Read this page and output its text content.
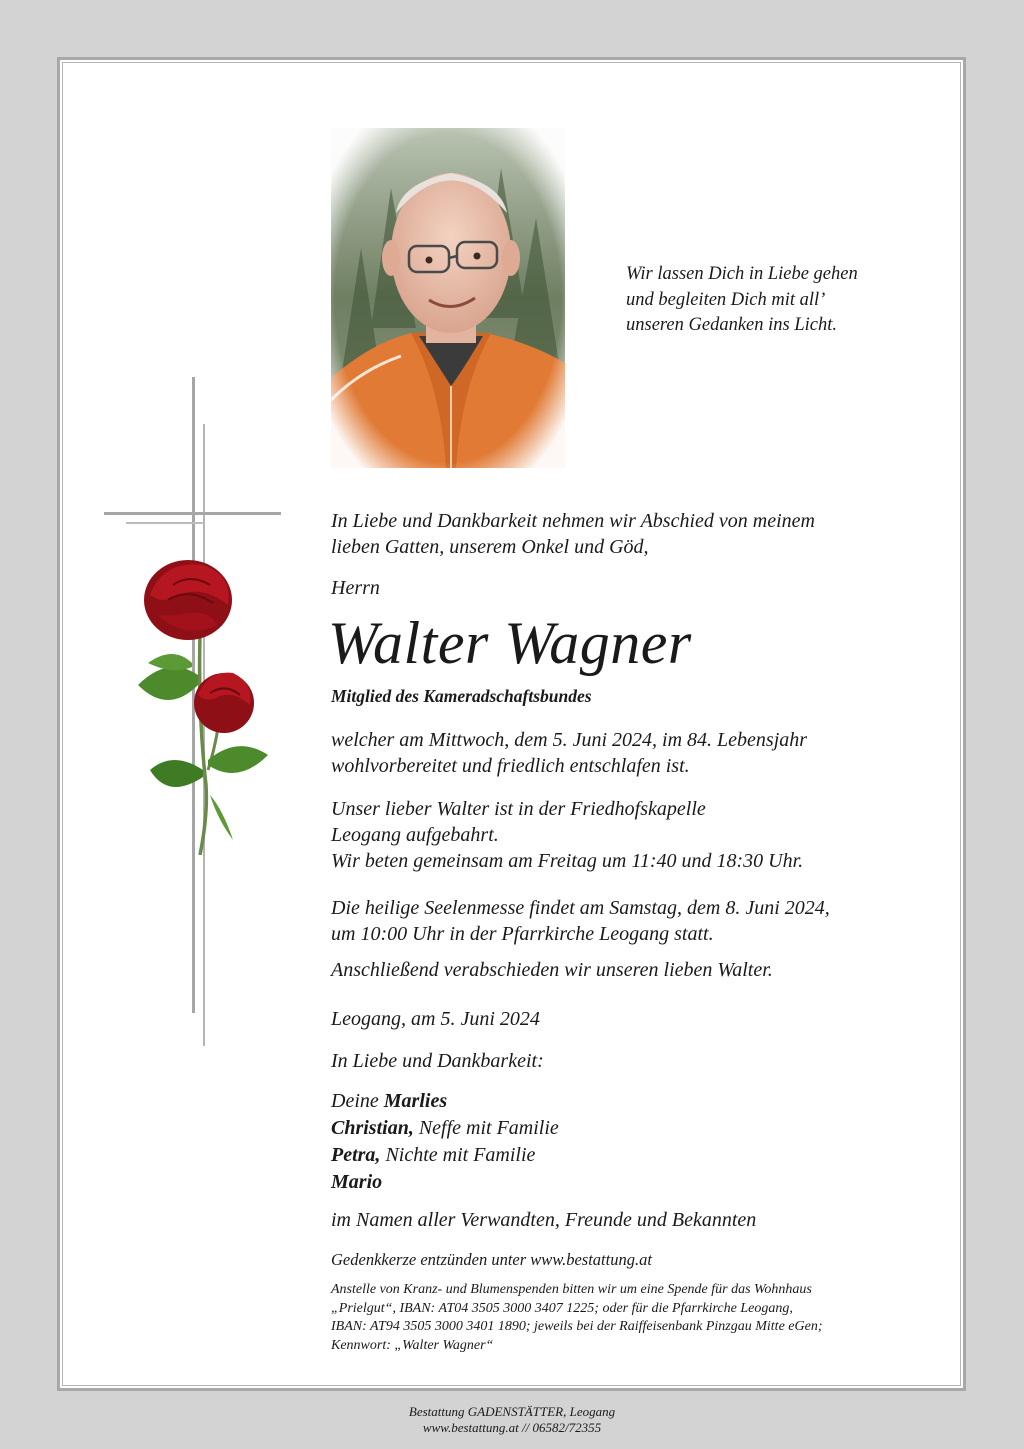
Wir lassen Dich in Liebe gehen
und begleiten Dich mit all’
unseren Gedanken ins Licht.
In Liebe und Dankbarkeit nehmen wir Abschied von meinem
lieben Gatten, unserem Onkel und Göd,
Herrn
Walter Wagner
Mitglied des Kameradschaftsbundes
welcher am Mittwoch, dem 5. Juni 2024, im 84. Lebensjahr
wohlvorbereitet und friedlich entschlafen ist.
Unser lieber Walter ist in der Friedhofskapelle
Leogang aufgebahrt.
Wir beten gemeinsam am Freitag um 11:40 und 18:30 Uhr.
Die heilige Seelenmesse findet am Samstag, dem 8. Juni 2024,
um 10:00 Uhr in der Pfarrkirche Leogang statt.
Anschließend verabschieden wir unseren lieben Walter.
Leogang, am 5. Juni 2024
In Liebe und Dankbarkeit:
Deine Marlies
Christian, Neffe mit Familie
Petra, Nichte mit Familie
Mario
im Namen aller Verwandten, Freunde und Bekannten
Gedenkkerze entzünden unter www.bestattung.at
Anstelle von Kranz- und Blumenspenden bitten wir um eine Spende für das Wohnhaus
„Prielgut“, IBAN: AT04 3505 3000 3407 1225; oder für die Pfarrkirche Leogang,
IBAN: AT94 3505 3000 3401 1890; jeweils bei der Raiffeisenbank Pinzgau Mitte eGen;
Kennwort: „Walter Wagner“
Bestattung GADENSTÄTTER, Leogang
www.bestattung.at // 06582/72355
